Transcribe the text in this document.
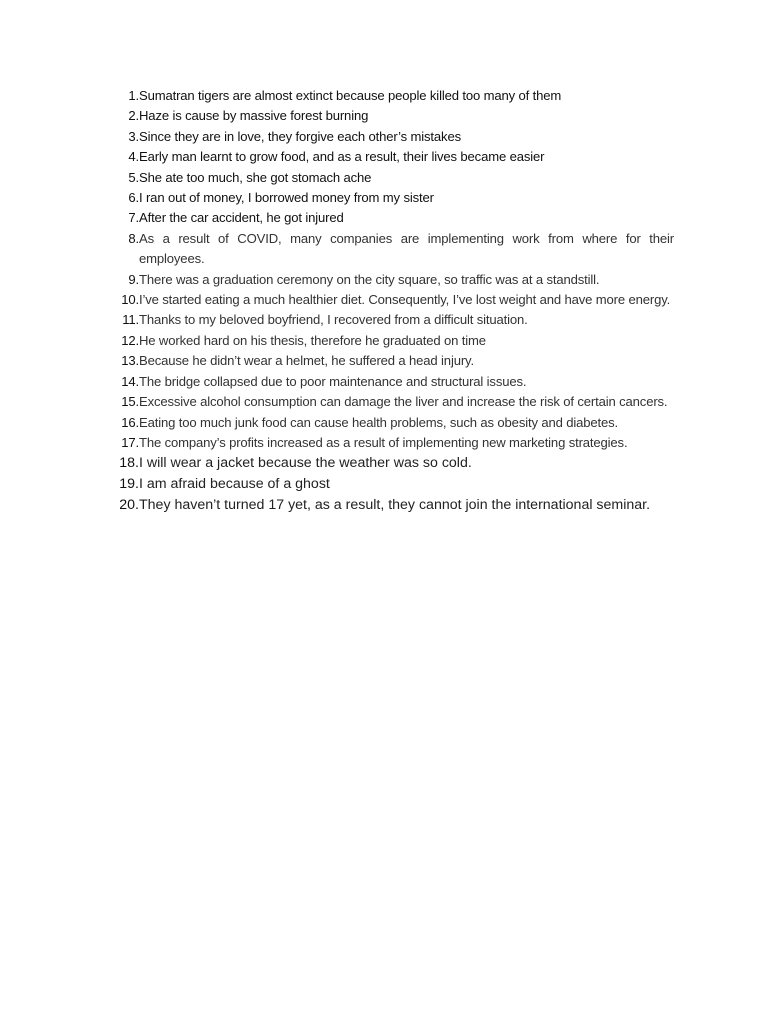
1. Sumatran tigers are almost extinct because people killed too many of them
2. Haze is cause by massive forest burning
3. Since they are in love, they forgive each other’s mistakes
4. Early man learnt to grow food, and as a result, their lives became easier
5. She ate too much, she got stomach ache
6. I ran out of money, I borrowed money from my sister
7. After the car accident, he got injured
8. As a result of COVID, many companies are implementing work from where for their employees.
9. There was a graduation ceremony on the city square, so traffic was at a standstill.
10. I’ve started eating a much healthier diet. Consequently, I’ve lost weight and have more energy.
11. Thanks to my beloved boyfriend, I recovered from a difficult situation.
12. He worked hard on his thesis, therefore he graduated on time
13. Because he didn’t wear a helmet, he suffered a head injury.
14. The bridge collapsed due to poor maintenance and structural issues.
15. Excessive alcohol consumption can damage the liver and increase the risk of certain cancers.
16. Eating too much junk food can cause health problems, such as obesity and diabetes.
17. The company’s profits increased as a result of implementing new marketing strategies.
18. I will wear a jacket because the weather was so cold.
19. I am afraid because of a ghost
20. They haven’t turned 17 yet, as a result, they cannot join the international seminar.
